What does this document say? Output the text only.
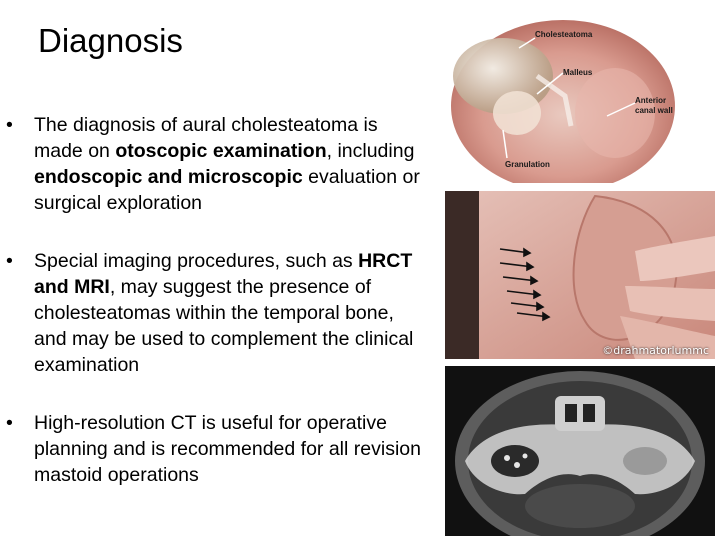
Diagnosis
• The diagnosis of aural cholesteatoma is made on otoscopic examination, including endoscopic and microscopic evaluation or surgical exploration
• Special imaging procedures, such as HRCT and MRI, may suggest the presence of cholesteatomas within the temporal bone, and may be used to complement the clinical examination
• High-resolution CT is useful for operative planning and is recommended for all revision mastoid operations
Cholesteatoma
Malleus
Anterior
canal wall
Granulation
©drahmatorlummc
